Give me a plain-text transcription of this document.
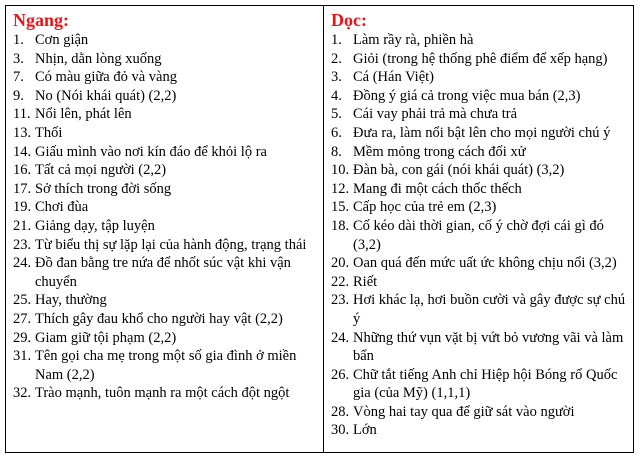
Ngang:
1. Cơn giận
3. Nhịn, dằn lòng xuống
7. Có màu giữa đỏ và vàng
9. No (Nói khái quát) (2,2)
11. Nổi lên, phát lên
13. Thối
14. Giấu mình vào nơi kín đáo để khỏi lộ ra
16. Tất cả mọi người (2,2)
17. Sở thích trong đời sống
19. Chơi đùa
21. Giảng dạy, tập luyện
23. Từ biểu thị sự lặp lại của hành động, trạng thái
24. Đồ đan bằng tre nứa để nhốt súc vật khi vận chuyển
25. Hay, thường
27. Thích gây đau khổ cho người hay vật (2,2)
29. Giam giữ tội phạm (2,2)
31. Tên gọi cha mẹ trong một số gia đình ở miền Nam (2,2)
32. Trào mạnh, tuôn mạnh ra một cách đột ngột
Dọc:
1. Làm rầy rà, phiền hà
2. Giỏi (trong hệ thống phê điểm để xếp hạng)
3. Cá (Hán Việt)
4. Đồng ý giá cả trong việc mua bán (2,3)
5. Cái vay phải trả mà chưa trả
6. Đưa ra, làm nổi bật lên cho mọi người chú ý
8. Mềm mỏng trong cách đối xử
10. Đàn bà, con gái (nói khái quát) (3,2)
12. Mang đi một cách thốc thếch
15. Cấp học của trẻ em (2,3)
18. Cố kéo dài thời gian, cố ý chờ đợi cái gì đó (3,2)
20. Oan quá đến mức uất ức không chịu nổi (3,2)
22. Riết
23. Hơi khác lạ, hơi buồn cười và gây được sự chú ý
24. Những thứ vụn vặt bị vứt bỏ vương vãi và làm bẩn
26. Chữ tắt tiếng Anh chỉ Hiệp hội Bóng rổ Quốc gia (của Mỹ) (1,1,1)
28. Vòng hai tay qua để giữ sát vào người
30. Lớn
